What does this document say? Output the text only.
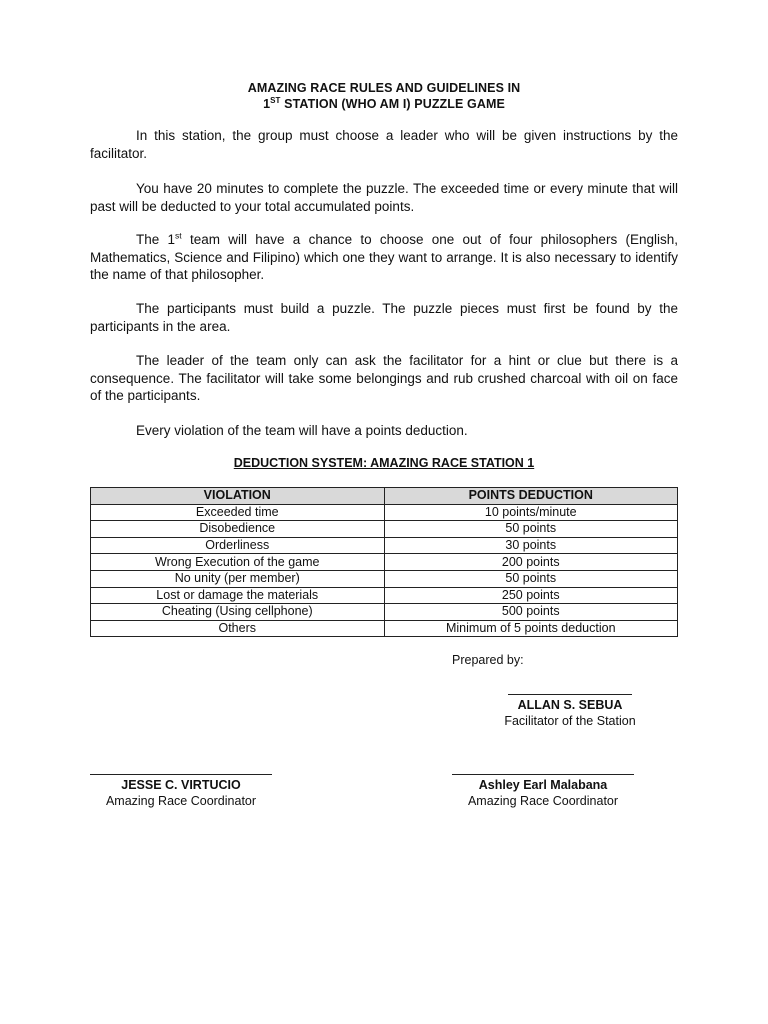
AMAZING RACE RULES AND GUIDELINES IN
1ST STATION (WHO AM I) PUZZLE GAME

In this station, the group must choose a leader who will be given instructions by the facilitator.

You have 20 minutes to complete the puzzle. The exceeded time or every minute that will past will be deducted to your total accumulated points.

The 1st team will have a chance to choose one out of four philosophers (English, Mathematics, Science and Filipino) which one they want to arrange. It is also necessary to identify the name of that philosopher.

The participants must build a puzzle. The puzzle pieces must first be found by the participants in the area.

The leader of the team only can ask the facilitator for a hint or clue but there is a consequence. The facilitator will take some belongings and rub crushed charcoal with oil on face of the participants.

Every violation of the team will have a points deduction.

DEDUCTION SYSTEM: AMAZING RACE STATION 1
VIOLATION	POINTS DEDUCTION
Exceeded time	10 points/minute
Disobedience	50 points
Orderliness	30 points
Wrong Execution of the game	200 points
No unity (per member)	50 points
Lost or damage the materials	250 points
Cheating (Using cellphone)	500 points
Others	Minimum of 5 points deduction
Prepared by:
ALLAN S. SEBUA
Facilitator of the Station
JESSE C. VIRTUCIO
Amazing Race Coordinator
Ashley Earl Malabana
Amazing Race Coordinator
